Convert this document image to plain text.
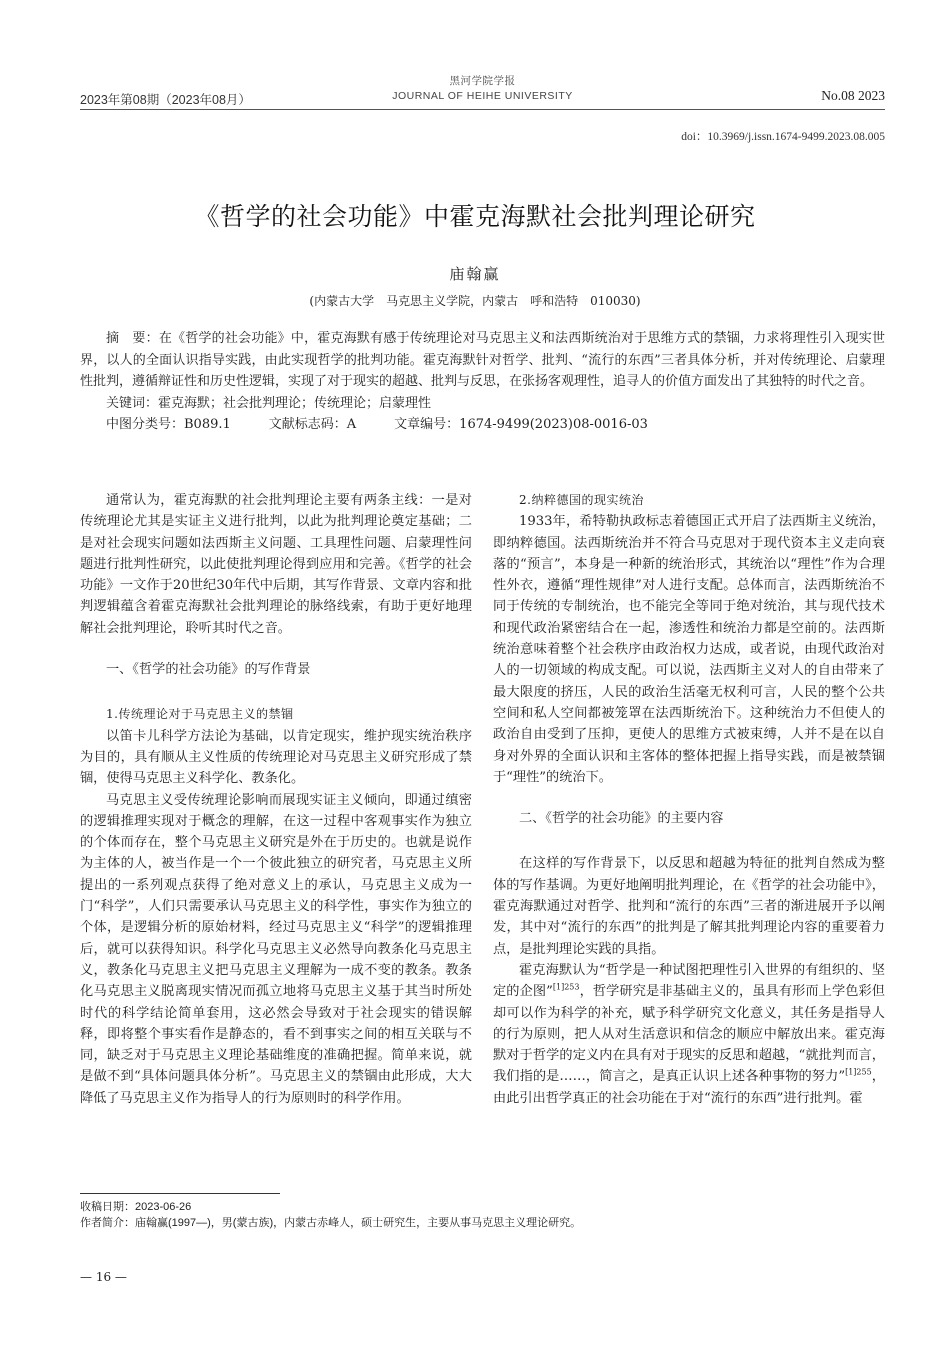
2023年第08期（2023年08月）
黑河学院学报
JOURNAL OF HEIHE UNIVERSITY	No.08 2023
doi：10.3969/j.issn.1674-9499.2023.08.005
《哲学的社会功能》中霍克海默社会批判理论研究
庙翰赢
(内蒙古大学　马克思主义学院，内蒙古　呼和浩特　010030)

摘　要：在《哲学的社会功能》中，霍克海默有感于传统理论对马克思主义和法西斯统治对于思维方式的禁锢，力求将理性引入现实世界，以人的全面认识指导实践，由此实现哲学的批判功能。霍克海默针对哲学、批判、“流行的东西”三者具体分析，并对传统理论、启蒙理性批判，遵循辩证性和历史性逻辑，实现了对于现实的超越、批判与反思，在张扬客观理性，追寻人的价值方面发出了其独特的时代之音。

关键词：霍克海默；社会批判理论；传统理论；启蒙理性

中图分类号：B089.1	文献标志码：A	文章编号：1674-9499(2023)08-0016-03

通常认为，霍克海默的社会批判理论主要有两条主线：一是对传统理论尤其是实证主义进行批判，以此为批判理论奠定基础；二是对社会现实问题如法西斯主义问题、工具理性问题、启蒙理性问题进行批判性研究，以此使批判理论得到应用和完善。《哲学的社会功能》一文作于20世纪30年代中后期，其写作背景、文章内容和批判逻辑蕴含着霍克海默社会批判理论的脉络线索，有助于更好地理解社会批判理论，聆听其时代之音。

一、《哲学的社会功能》的写作背景

1.传统理论对于马克思主义的禁锢

以笛卡儿科学方法论为基础，以肯定现实，维护现实统治秩序为目的，具有顺从主义性质的传统理论对马克思主义研究形成了禁锢，使得马克思主义科学化、教条化。

马克思主义受传统理论影响而展现实证主义倾向，即通过缜密的逻辑推理实现对于概念的理解，在这一过程中客观事实作为独立的个体而存在，整个马克思主义研究是外在于历史的。也就是说作为主体的人，被当作是一个一个彼此独立的研究者，马克思主义所提出的一系列观点获得了绝对意义上的承认，马克思主义成为一门“科学”，人们只需要承认马克思主义的科学性，事实作为独立的个体，是逻辑分析的原始材料，经过马克思主义“科学”的逻辑推理后，就可以获得知识。科学化马克思主义必然导向教条化马克思主义，教条化马克思主义把马克思主义理解为一成不变的教条。教条化马克思主义脱离现实情况而孤立地将马克思主义基于其当时所处时代的科学结论简单套用，这必然会导致对于社会现实的错误解释，即将整个事实看作是静态的，看不到事实之间的相互关联与不同，缺乏对于马克思主义理论基础维度的准确把握。简单来说，就是做不到“具体问题具体分析”。马克思主义的禁锢由此形成，大大降低了马克思主义作为指导人的行为原则时的科学作用。

2.纳粹德国的现实统治

1933年，希特勒执政标志着德国正式开启了法西斯主义统治，即纳粹德国。法西斯统治并不符合马克思对于现代资本主义走向衰落的“预言”，本身是一种新的统治形式，其统治以“理性”作为合理性外衣，遵循“理性规律”对人进行支配。总体而言，法西斯统治不同于传统的专制统治，也不能完全等同于绝对统治，其与现代技术和现代政治紧密结合在一起，渗透性和统治力都是空前的。法西斯统治意味着整个社会秩序由政治权力达成，或者说，由现代政治对人的一切领域的构成支配。可以说，法西斯主义对人的自由带来了最大限度的挤压，人民的政治生活毫无权利可言，人民的整个公共空间和私人空间都被笼罩在法西斯统治下。这种统治力不但使人的政治自由受到了压抑，更使人的思维方式被束缚，人并不是在以自身对外界的全面认识和主客体的整体把握上指导实践，而是被禁锢于“理性”的统治下。

二、《哲学的社会功能》的主要内容

在这样的写作背景下，以反思和超越为特征的批判自然成为整体的写作基调。为更好地阐明批判理论，在《哲学的社会功能中》，霍克海默通过对哲学、批判和“流行的东西”三者的渐进展开予以阐发，其中对“流行的东西”的批判是了解其批判理论内容的重要着力点，是批判理论实践的具指。

霍克海默认为“哲学是一种试图把理性引入世界的有组织的、坚定的企图”$^{[1]253}$，哲学研究是非基础主义的，虽具有形而上学色彩但却可以作为科学的补充，赋予科学研究文化意义，其任务是指导人的行为原则，把人从对生活意识和信念的顺应中解放出来。霍克海默对于哲学的定义内在具有对于现实的反思和超越，“就批判而言，我们指的是……，简言之，是真正认识上述各种事物的努力”$^{[1]255}$，由此引出哲学真正的社会功能在于对“流行的东西”进行批判。霍

收稿日期：2023-06-26
作者简介：庙翰赢(1997—)，男(蒙古族)，内蒙古赤峰人，硕士研究生，主要从事马克思主义理论研究。
— 16 —
